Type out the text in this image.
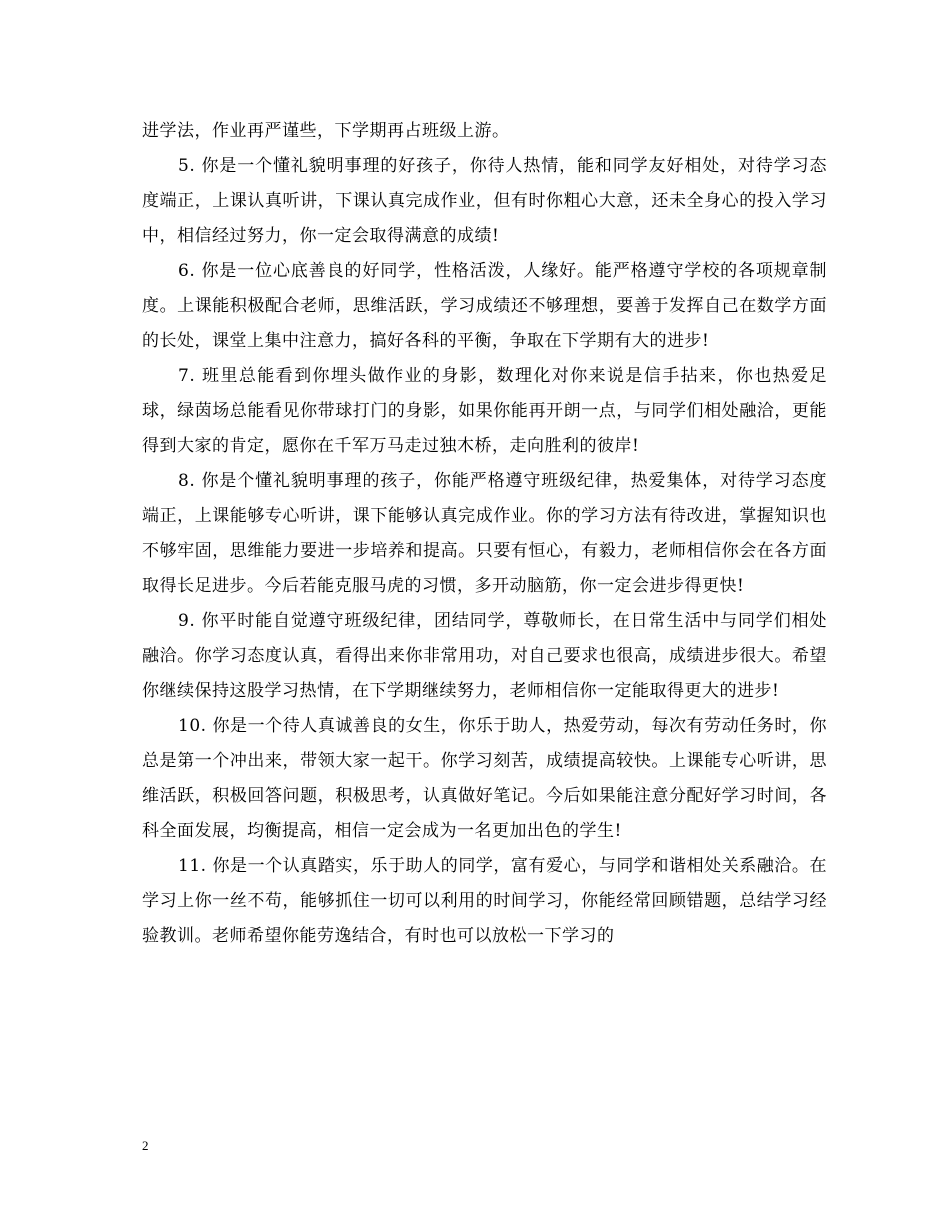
进学法，作业再严谨些，下学期再占班级上游。

5. 你是一个懂礼貌明事理的好孩子，你待人热情，能和同学友好相处，对待学习态度端正，上课认真听讲，下课认真完成作业，但有时你粗心大意，还未全身心的投入学习中，相信经过努力，你一定会取得满意的成绩!

6. 你是一位心底善良的好同学，性格活泼，人缘好。能严格遵守学校的各项规章制度。上课能积极配合老师，思维活跃，学习成绩还不够理想，要善于发挥自己在数学方面的长处，课堂上集中注意力，搞好各科的平衡，争取在下学期有大的进步!

7. 班里总能看到你埋头做作业的身影，数理化对你来说是信手拈来，你也热爱足球，绿茵场总能看见你带球打门的身影，如果你能再开朗一点，与同学们相处融洽，更能得到大家的肯定，愿你在千军万马走过独木桥，走向胜利的彼岸!

8. 你是个懂礼貌明事理的孩子，你能严格遵守班级纪律，热爱集体，对待学习态度端正，上课能够专心听讲，课下能够认真完成作业。你的学习方法有待改进，掌握知识也不够牢固，思维能力要进一步培养和提高。只要有恒心，有毅力，老师相信你会在各方面取得长足进步。今后若能克服马虎的习惯，多开动脑筋，你一定会进步得更快!

9. 你平时能自觉遵守班级纪律，团结同学，尊敬师长，在日常生活中与同学们相处融洽。你学习态度认真，看得出来你非常用功，对自己要求也很高，成绩进步很大。希望你继续保持这股学习热情，在下学期继续努力，老师相信你一定能取得更大的进步!

10. 你是一个待人真诚善良的女生，你乐于助人，热爱劳动，每次有劳动任务时，你总是第一个冲出来，带领大家一起干。你学习刻苦，成绩提高较快。上课能专心听讲，思维活跃，积极回答问题，积极思考，认真做好笔记。今后如果能注意分配好学习时间，各科全面发展，均衡提高，相信一定会成为一名更加出色的学生!

11. 你是一个认真踏实，乐于助人的同学，富有爱心，与同学和谐相处关系融洽。在学习上你一丝不苟，能够抓住一切可以利用的时间学习，你能经常回顾错题，总结学习经验教训。老师希望你能劳逸结合，有时也可以放松一下学习的

2
